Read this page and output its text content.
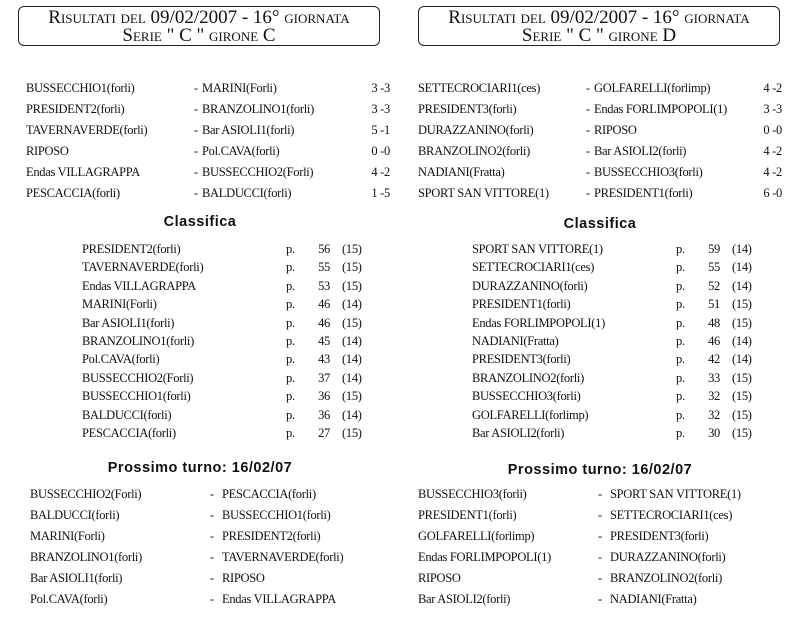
Risultati del 09/02/2007 - 16° giornata
Serie " C " girone C
BUSSECCHIO1(forli)	- MARINI(Forli)	3 -3
PRESIDENT2(forli)	- BRANZOLINO1(forli)	3 -3
TAVERNAVERDE(forli)	- Bar ASIOLI1(forli)	5 -1
RIPOSO	- Pol.CAVA(forli)	0 -0
Endas VILLAGRAPPA	- BUSSECCHIO2(Forli)	4 -2
PESCACCIA(forli)	- BALDUCCI(forli)	1 -5
Classifica
PRESIDENT2(forli)	p.	56 (15)
TAVERNAVERDE(forli)	p.	55 (15)
Endas VILLAGRAPPA	p.	53 (15)
MARINI(Forli)	p.	46 (14)
Bar ASIOLI1(forli)	p.	46 (15)
BRANZOLINO1(forli)	p.	45 (14)
Pol.CAVA(forli)	p.	43 (14)
BUSSECCHIO2(Forli)	p.	37 (14)
BUSSECCHIO1(forli)	p.	36 (15)
BALDUCCI(forli)	p.	36 (14)
PESCACCIA(forli)	p.	27 (15)
Prossimo turno: 16/02/07
BUSSECCHIO2(Forli)	- PESCACCIA(forli)
BALDUCCI(forli)	- BUSSECCHIO1(forli)
MARINI(Forli)	- PRESIDENT2(forli)
BRANZOLINO1(forli)	- TAVERNAVERDE(forli)
Bar ASIOLI1(forli)	- RIPOSO
Pol.CAVA(forli)	- Endas VILLAGRAPPA
Risultati del 09/02/2007 - 16° giornata
Serie " C " girone D
SETTECROCIARI1(ces)	- GOLFARELLI(forlimp)	4 -2
PRESIDENT3(forli)	- Endas FORLIMPOPOLI(1)	3 -3
DURAZZANINO(forli)	- RIPOSO	0 -0
BRANZOLINO2(forli)	- Bar ASIOLI2(forli)	4 -2
NADIANI(Fratta)	- BUSSECCHIO3(forli)	4 -2
SPORT SAN VITTORE(1)	- PRESIDENT1(forli)	6 -0
Classifica
SPORT SAN VITTORE(1)	p.	59 (14)
SETTECROCIARI1(ces)	p.	55 (14)
DURAZZANINO(forli)	p.	52 (14)
PRESIDENT1(forli)	p.	51 (15)
Endas FORLIMPOPOLI(1)	p.	48 (15)
NADIANI(Fratta)	p.	46 (14)
PRESIDENT3(forli)	p.	42 (14)
BRANZOLINO2(forli)	p.	33 (15)
BUSSECCHIO3(forli)	p.	32 (15)
GOLFARELLI(forlimp)	p.	32 (15)
Bar ASIOLI2(forli)	p.	30 (15)
Prossimo turno: 16/02/07
BUSSECCHIO3(forli)	- SPORT SAN VITTORE(1)
PRESIDENT1(forli)	- SETTECROCIARI1(ces)
GOLFARELLI(forlimp)	- PRESIDENT3(forli)
Endas FORLIMPOPOLI(1)	- DURAZZANINO(forli)
RIPOSO	- BRANZOLINO2(forli)
Bar ASIOLI2(forli)	- NADIANI(Fratta)
